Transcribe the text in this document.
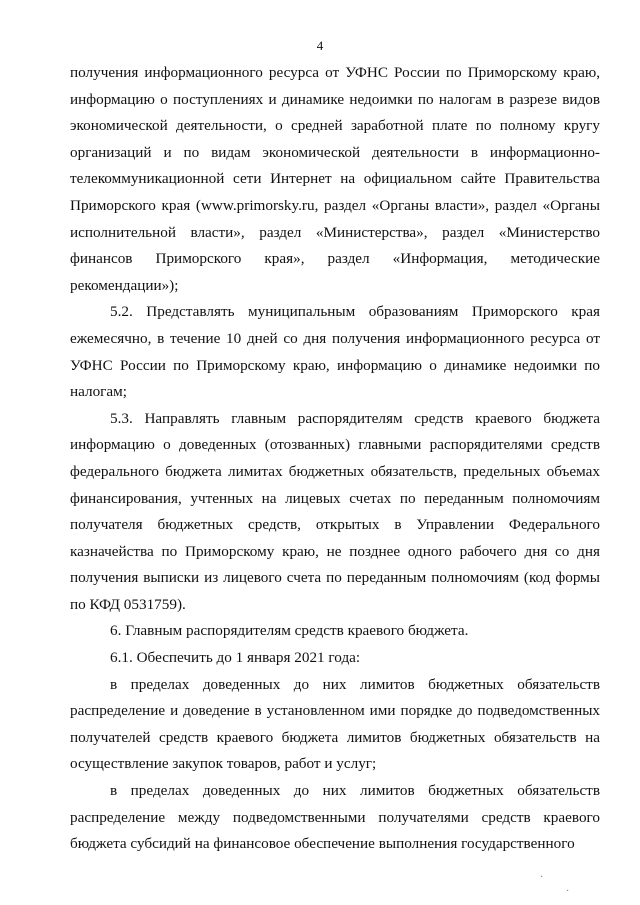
4

получения информационного ресурса от УФНС России по Приморскому краю, информацию о поступлениях и динамике недоимки по налогам в разрезе видов экономической деятельности, о средней заработной плате по полному кругу организаций и по видам экономической деятельности в информационно-телекоммуникационной сети Интернет на официальном сайте Правительства Приморского края (www.primorsky.ru, раздел «Органы власти», раздел «Органы исполнительной власти», раздел «Министерства», раздел «Министерство финансов Приморского края», раздел «Информация, методические рекомендации»);

5.2. Представлять муниципальным образованиям Приморского края ежемесячно, в течение 10 дней со дня получения информационного ресурса от УФНС России по Приморскому краю, информацию о динамике недоимки по налогам;

5.3. Направлять главным распорядителям средств краевого бюджета информацию о доведенных (отозванных) главными распорядителями средств федерального бюджета лимитах бюджетных обязательств, предельных объемах финансирования, учтенных на лицевых счетах по переданным полномочиям получателя бюджетных средств, открытых в Управлении Федерального казначейства по Приморскому краю, не позднее одного рабочего дня со дня получения выписки из лицевого счета по переданным полномочиям (код формы по КФД 0531759).

6. Главным распорядителям средств краевого бюджета.

6.1. Обеспечить до 1 января 2021 года:

в пределах доведенных до них лимитов бюджетных обязательств распределение и доведение в установленном ими порядке до подведомственных получателей средств краевого бюджета лимитов бюджетных обязательств на осуществление закупок товаров, работ и услуг;

в пределах доведенных до них лимитов бюджетных обязательств распределение между подведомственными получателями средств краевого бюджета субсидий на финансовое обеспечение выполнения государственного

·
·
